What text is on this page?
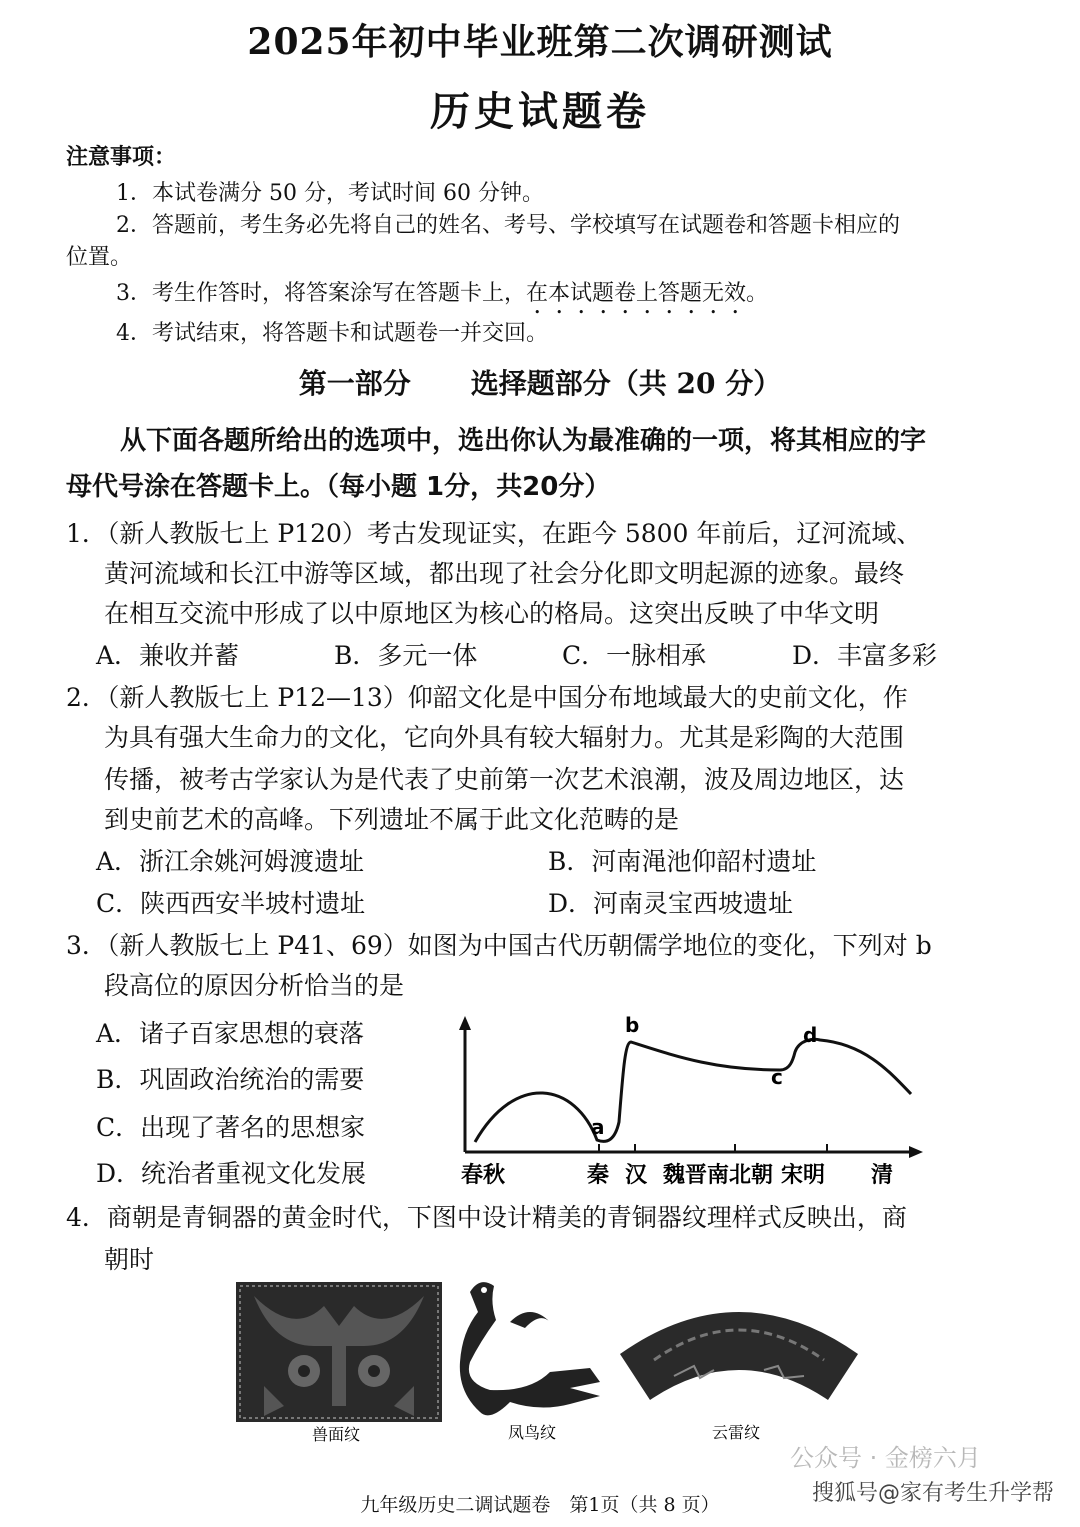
2025年初中毕业班第二次调研测试
历史试题卷
注意事项：
1．本试卷满分 50 分，考试时间 60 分钟。
2．答题前，考生务必先将自己的姓名、考号、学校填写在试题卷和答题卡相应的
位置。
3．考生作答时，将答案涂写在答题卡上，在本试题卷上答题无效。
4．考试结束，将答题卡和试题卷一并交回。
第一部分 选择题部分（共 20 分）
从下面各题所给出的选项中，选出你认为最准确的一项，将其相应的字
母代号涂在答题卡上。（每小题 1分，共20分）
1．（新人教版七上 P120）考古发现证实，在距今 5800 年前后，辽河流域、
黄河流域和长江中游等区域，都出现了社会分化即文明起源的迹象。最终
在相互交流中形成了以中原地区为核心的格局。这突出反映了中华文明
A．兼收并蓄	B．多元一体	C．一脉相承	D．丰富多彩
2．（新人教版七上 P12—13）仰韶文化是中国分布地域最大的史前文化，作
为具有强大生命力的文化，它向外具有较大辐射力。尤其是彩陶的大范围
传播，被考古学家认为是代表了史前第一次艺术浪潮，波及周边地区，达
到史前艺术的高峰。下列遗址不属于此文化范畴的是
A．浙江余姚河姆渡遗址	B．河南渑池仰韶村遗址
C．陕西西安半坡村遗址	D．河南灵宝西坡遗址
3．（新人教版七上 P41、69）如图为中国古代历朝儒学地位的变化，下列对 b
段高位的原因分析恰当的是
A．诸子百家思想的衰落
B．巩固政治统治的需要
C．出现了著名的思想家
D．统治者重视文化发展
a
b
c
d
春秋	秦 汉 魏晋南北朝 宋明 清
4．商朝是青铜器的黄金时代，下图中设计精美的青铜器纹理样式反映出，商
朝时
兽面纹	凤鸟纹	云雷纹
公众号 · 金榜六月
搜狐号@家有考生升学帮
九年级历史二调试题卷　第1页（共 8 页）
